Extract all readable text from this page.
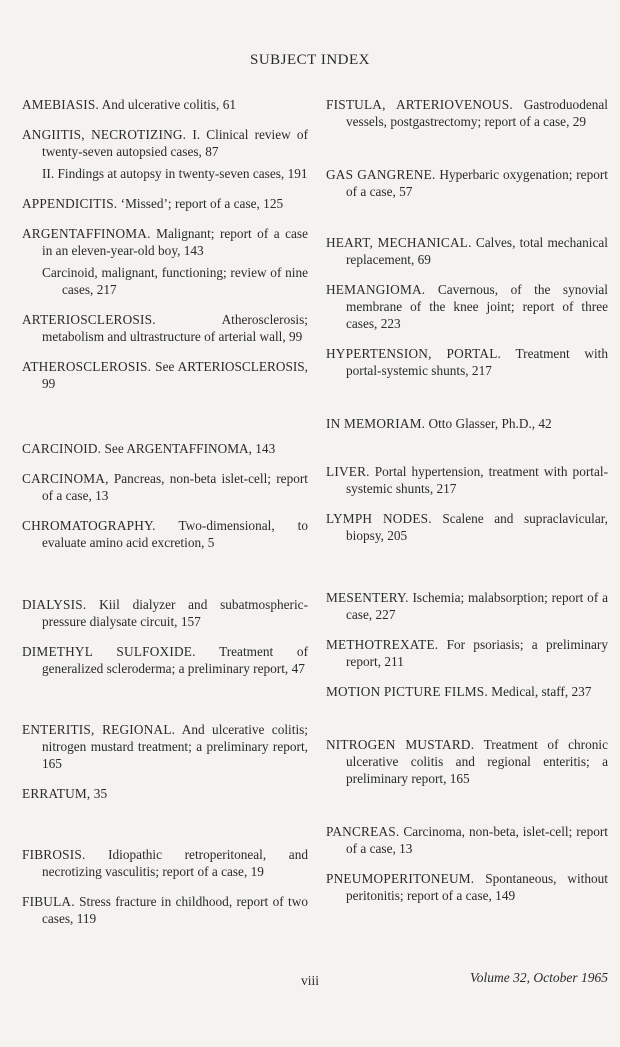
SUBJECT INDEX

AMEBIASIS. And ulcerative colitis, 61

ANGIITIS, NECROTIZING. I. Clinical review of twenty-seven autopsied cases, 87

II. Findings at autopsy in twenty-seven cases, 191

APPENDICITIS. ‘Missed’; report of a case, 125

ARGENTAFFINOMA. Malignant; report of a case in an eleven-year-old boy, 143

Carcinoid, malignant, functioning; review of nine cases, 217

ARTERIOSCLEROSIS. Atherosclerosis; metabolism and ultrastructure of arterial wall, 99

ATHEROSCLEROSIS. See ARTERIOSCLEROSIS, 99

CARCINOID. See ARGENTAFFINOMA, 143

CARCINOMA, Pancreas, non-beta islet-cell; report of a case, 13

CHROMATOGRAPHY. Two-dimensional, to evaluate amino acid excretion, 5

DIALYSIS. Kiil dialyzer and subatmospheric-pressure dialysate circuit, 157

DIMETHYL SULFOXIDE. Treatment of generalized scleroderma; a preliminary report, 47

ENTERITIS, REGIONAL. And ulcerative colitis; nitrogen mustard treatment; a preliminary report, 165

ERRATUM, 35

FIBROSIS. Idiopathic retroperitoneal, and necrotizing vasculitis; report of a case, 19

FIBULA. Stress fracture in childhood, report of two cases, 119

FISTULA, ARTERIOVENOUS. Gastroduodenal vessels, postgastrectomy; report of a case, 29

GAS GANGRENE. Hyperbaric oxygenation; report of a case, 57

HEART, MECHANICAL. Calves, total mechanical replacement, 69

HEMANGIOMA. Cavernous, of the synovial membrane of the knee joint; report of three cases, 223

HYPERTENSION, PORTAL. Treatment with portal-systemic shunts, 217

IN MEMORIAM. Otto Glasser, Ph.D., 42

LIVER. Portal hypertension, treatment with portal-systemic shunts, 217

LYMPH NODES. Scalene and supraclavicular, biopsy, 205

MESENTERY. Ischemia; malabsorption; report of a case, 227

METHOTREXATE. For psoriasis; a preliminary report, 211

MOTION PICTURE FILMS. Medical, staff, 237

NITROGEN MUSTARD. Treatment of chronic ulcerative colitis and regional enteritis; a preliminary report, 165

PANCREAS. Carcinoma, non-beta, islet-cell; report of a case, 13

PNEUMOPERITONEUM. Spontaneous, without peritonitis; report of a case, 149

viii	Volume 32, October 1965
